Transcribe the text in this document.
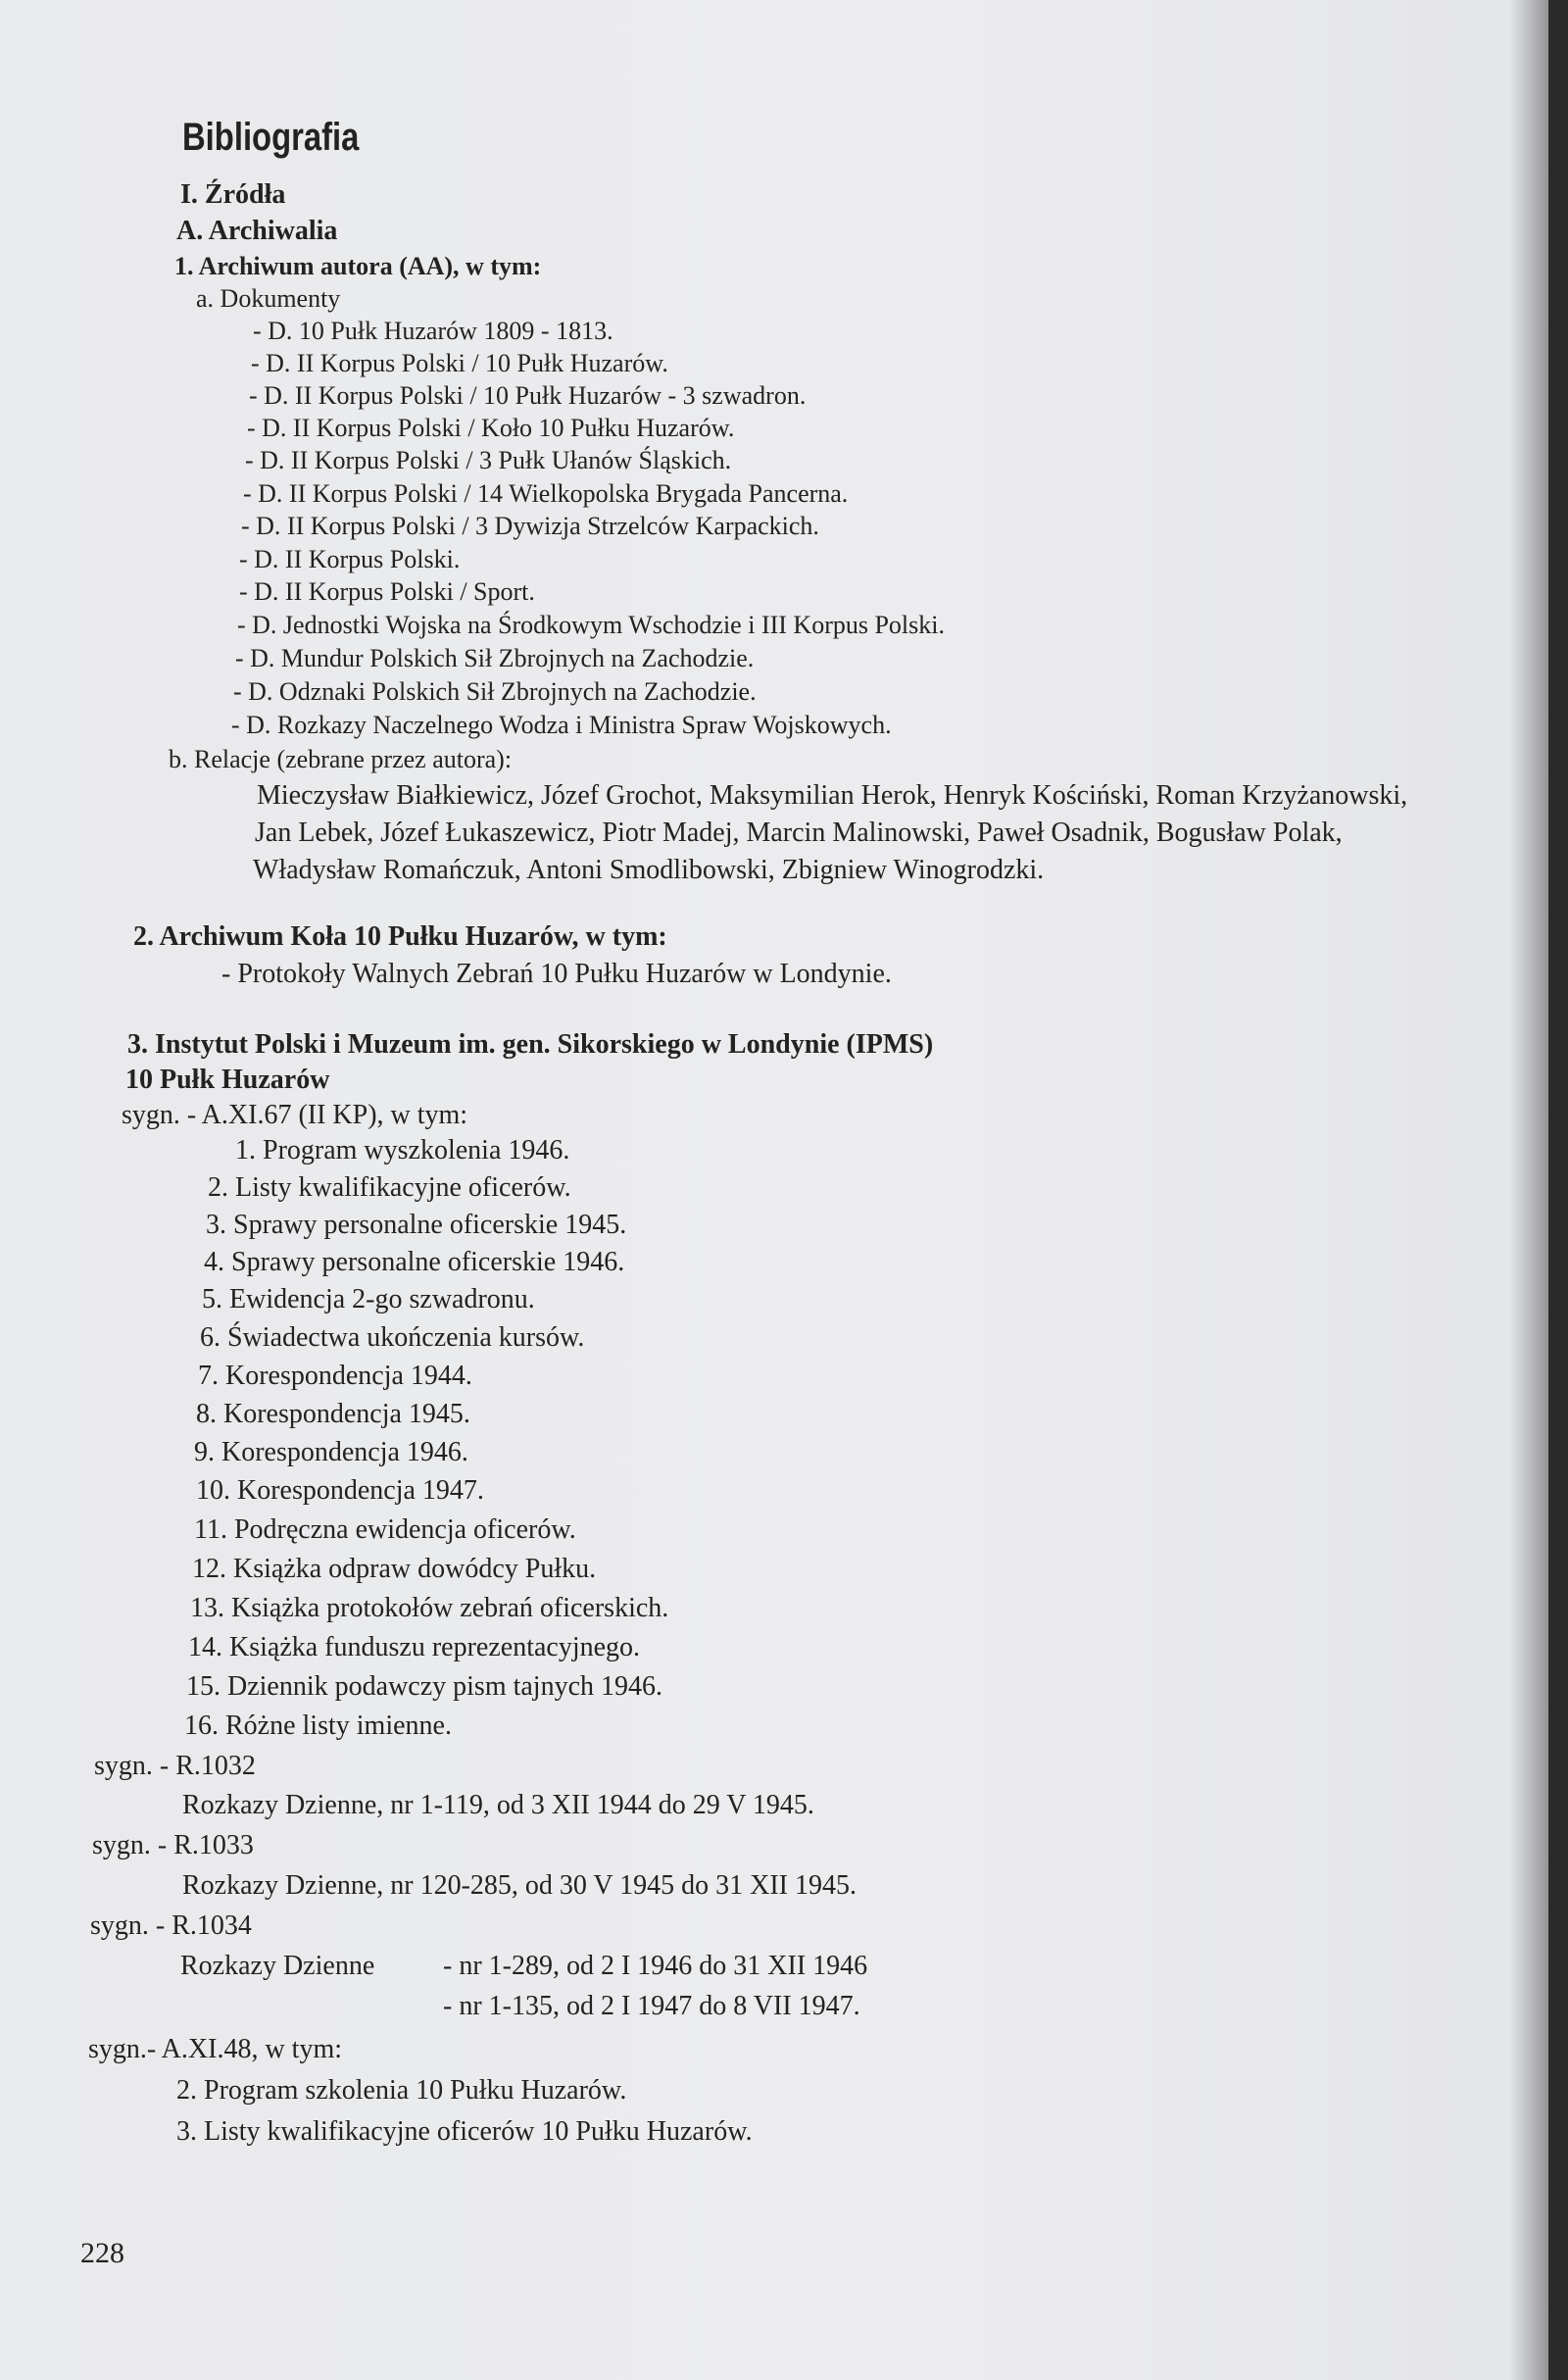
Bibliografia
I. Źródła
A. Archiwalia
1. Archiwum autora (AA), w tym:
a. Dokumenty
- D. 10 Pułk Huzarów 1809 - 1813.
- D. II Korpus Polski / 10 Pułk Huzarów.
- D. II Korpus Polski / 10 Pułk Huzarów - 3 szwadron.
- D. II Korpus Polski / Koło 10 Pułku Huzarów.
- D. II Korpus Polski / 3 Pułk Ułanów Śląskich.
- D. II Korpus Polski / 14 Wielkopolska Brygada Pancerna.
- D. II Korpus Polski / 3 Dywizja Strzelców Karpackich.
- D. II Korpus Polski.
- D. II Korpus Polski / Sport.
- D. Jednostki Wojska na Środkowym Wschodzie i III Korpus Polski.
- D. Mundur Polskich Sił Zbrojnych na Zachodzie.
- D. Odznaki Polskich Sił Zbrojnych na Zachodzie.
- D. Rozkazy Naczelnego Wodza i Ministra Spraw Wojskowych.
b. Relacje (zebrane przez autora):
Mieczysław Białkiewicz, Józef Grochot, Maksymilian Herok, Henryk Kościński, Roman Krzyżanowski,
Jan Lebek, Józef Łukaszewicz, Piotr Madej, Marcin Malinowski, Paweł Osadnik, Bogusław Polak,
Władysław Romańczuk, Antoni Smodlibowski, Zbigniew Winogrodzki.
2. Archiwum Koła 10 Pułku Huzarów, w tym:
- Protokoły Walnych Zebrań 10 Pułku Huzarów w Londynie.
3. Instytut Polski i Muzeum im. gen. Sikorskiego w Londynie (IPMS)
10 Pułk Huzarów
sygn. - A.XI.67 (II KP), w tym:
1. Program wyszkolenia 1946.
2. Listy kwalifikacyjne oficerów.
3. Sprawy personalne oficerskie 1945.
4. Sprawy personalne oficerskie 1946.
5. Ewidencja 2-go szwadronu.
6. Świadectwa ukończenia kursów.
7. Korespondencja 1944.
8. Korespondencja 1945.
9. Korespondencja 1946.
10. Korespondencja 1947.
11. Podręczna ewidencja oficerów.
12. Książka odpraw dowódcy Pułku.
13. Książka protokołów zebrań oficerskich.
14. Książka funduszu reprezentacyjnego.
15. Dziennik podawczy pism tajnych 1946.
16. Różne listy imienne.
sygn. - R.1032
Rozkazy Dzienne, nr 1-119, od 3 XII 1944 do 29 V 1945.
sygn. - R.1033
Rozkazy Dzienne, nr 120-285, od 30 V 1945 do 31 XII 1945.
sygn. - R.1034
Rozkazy Dzienne - nr 1-289, od 2 I 1946 do 31 XII 1946
- nr 1-135, od 2 I 1947 do 8 VII 1947.
sygn.- A.XI.48, w tym:
2. Program szkolenia 10 Pułku Huzarów.
3. Listy kwalifikacyjne oficerów 10 Pułku Huzarów.
228
